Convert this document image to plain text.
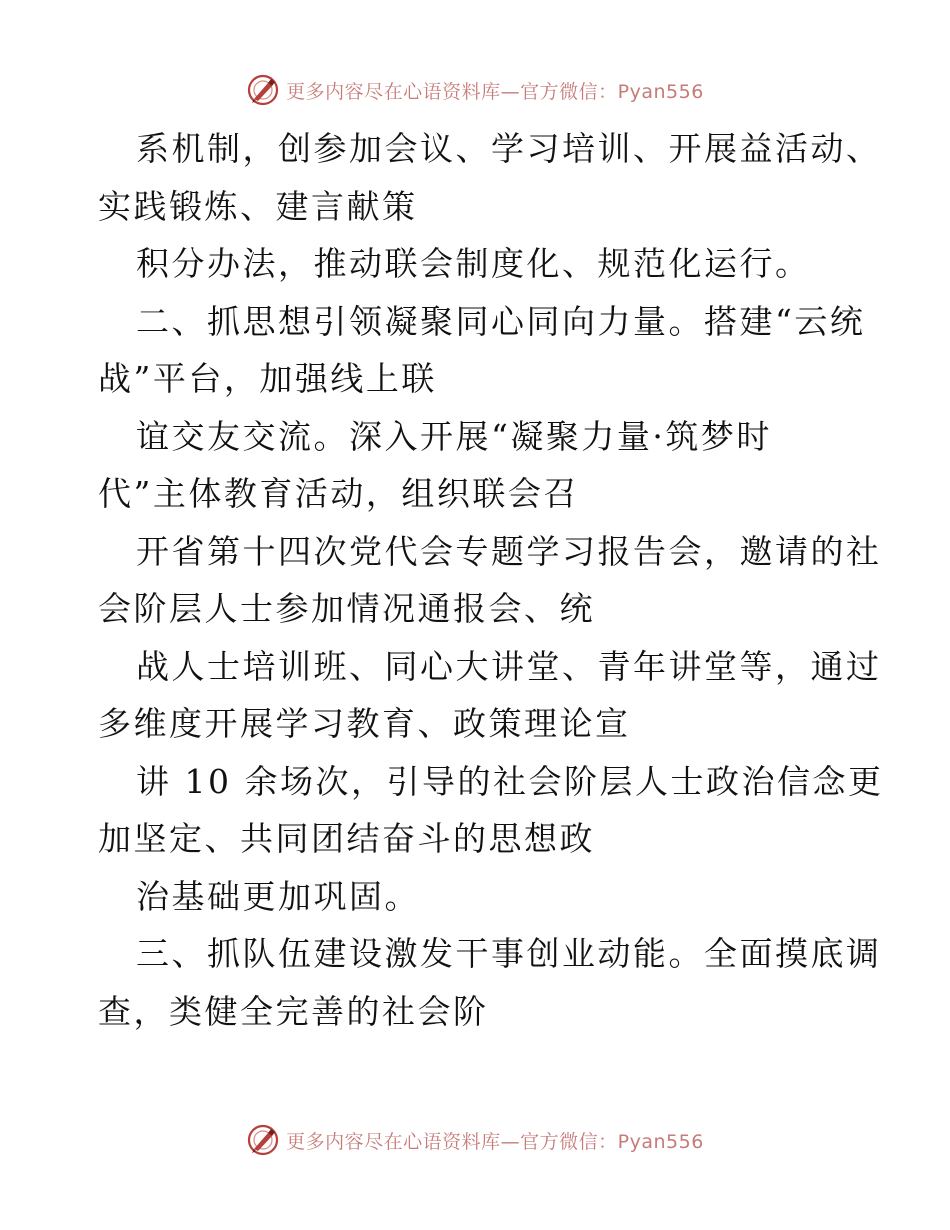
更多内容尽在心语资料库—官方微信：Pyan556

系机制，创参加会议、学习培训、开展益活动、

实践锻炼、建言献策

积分办法，推动联会制度化、规范化运行。

二、抓思想引领凝聚同心同向力量。搭建“云统

战”平台，加强线上联

谊交友交流。深入开展“凝聚力量·筑梦时

代”主体教育活动，组织联会召

开省第十四次党代会专题学习报告会，邀请的社

会阶层人士参加情况通报会、统

战人士培训班、同心大讲堂、青年讲堂等，通过

多维度开展学习教育、政策理论宣

讲 10 余场次，引导的社会阶层人士政治信念更

加坚定、共同团结奋斗的思想政

治基础更加巩固。

三、抓队伍建设激发干事创业动能。全面摸底调

查，类健全完善的社会阶

更多内容尽在心语资料库—官方微信：Pyan556
